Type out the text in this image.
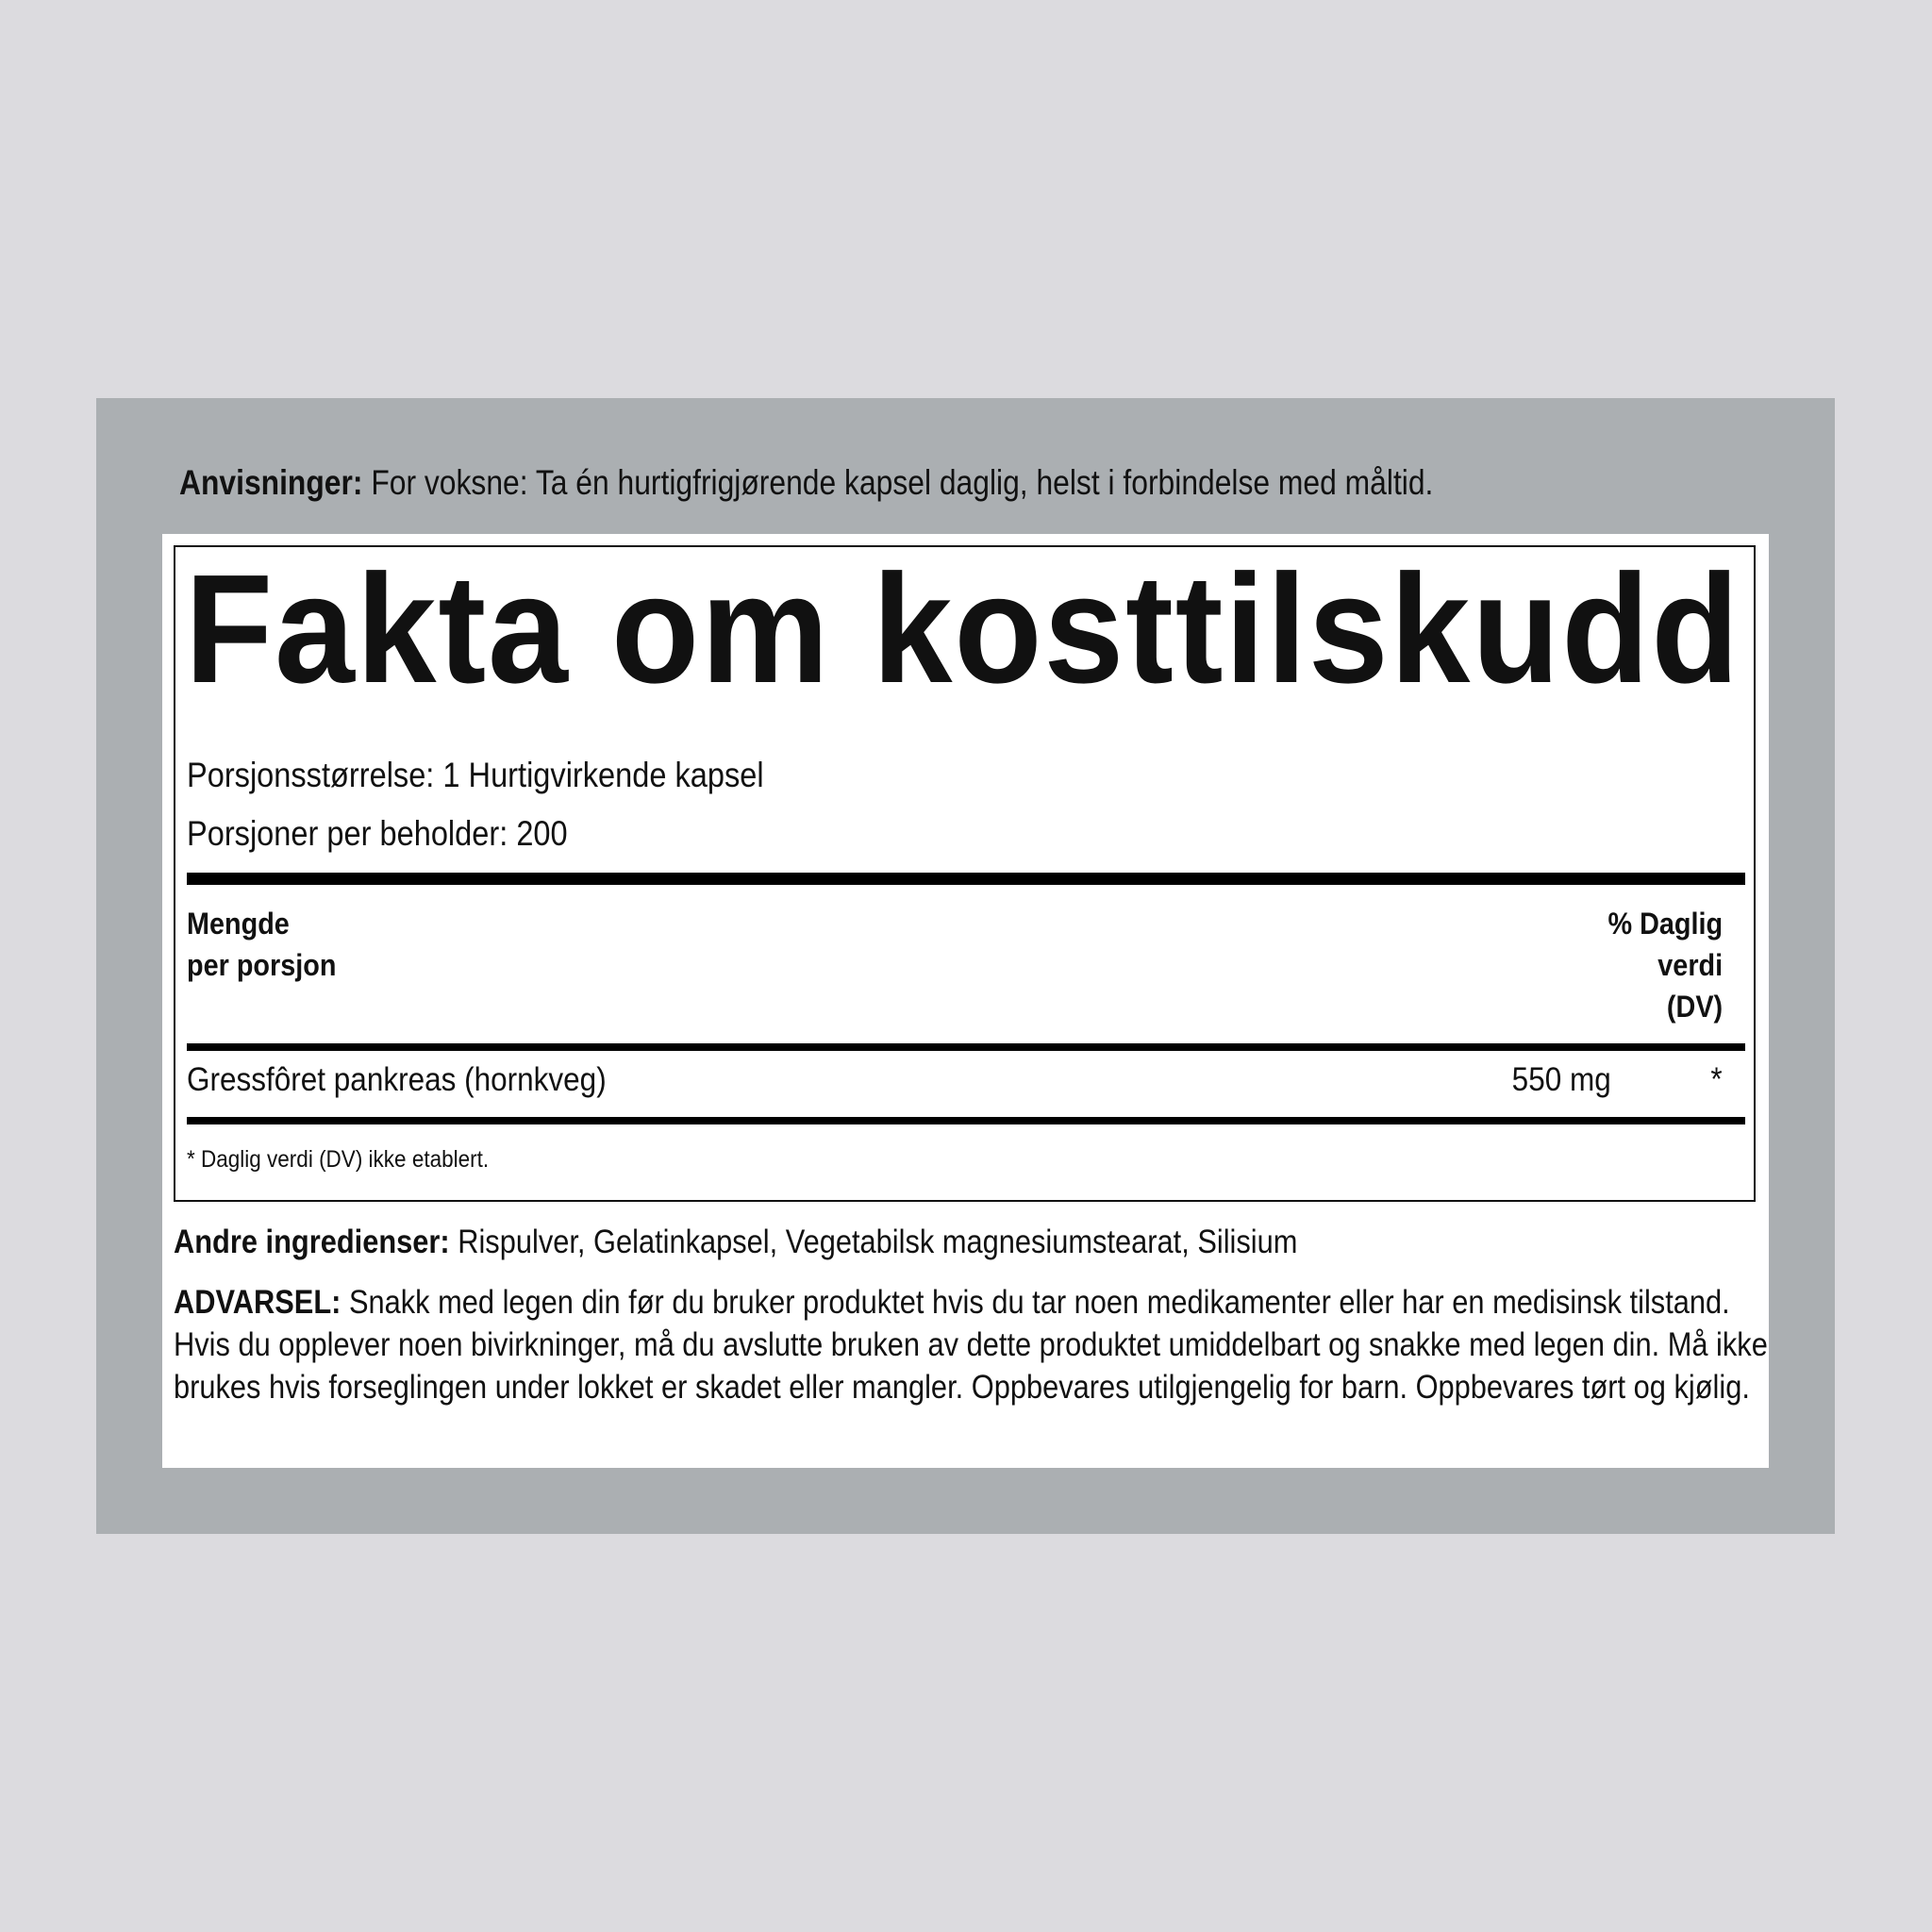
Anvisninger: For voksne: Ta én hurtigfrigjørende kapsel daglig, helst i forbindelse med måltid.
Fakta om kosttilskudd
Porsjonsstørrelse: 1 Hurtigvirkende kapsel
Porsjoner per beholder: 200
Mengde
per porsjon
% Daglig
verdi
(DV)
Gressfôret pankreas (hornkveg)	550 mg	*
* Daglig verdi (DV) ikke etablert.
Andre ingredienser: Rispulver, Gelatinkapsel, Vegetabilsk magnesiumstearat, Silisium
ADVARSEL: Snakk med legen din før du bruker produktet hvis du tar noen medikamenter eller har en medisinsk tilstand. Hvis du opplever noen bivirkninger, må du avslutte bruken av dette produktet umiddelbart og snakke med legen din. Må ikke brukes hvis forseglingen under lokket er skadet eller mangler. Oppbevares utilgjengelig for barn. Oppbevares tørt og kjølig.
